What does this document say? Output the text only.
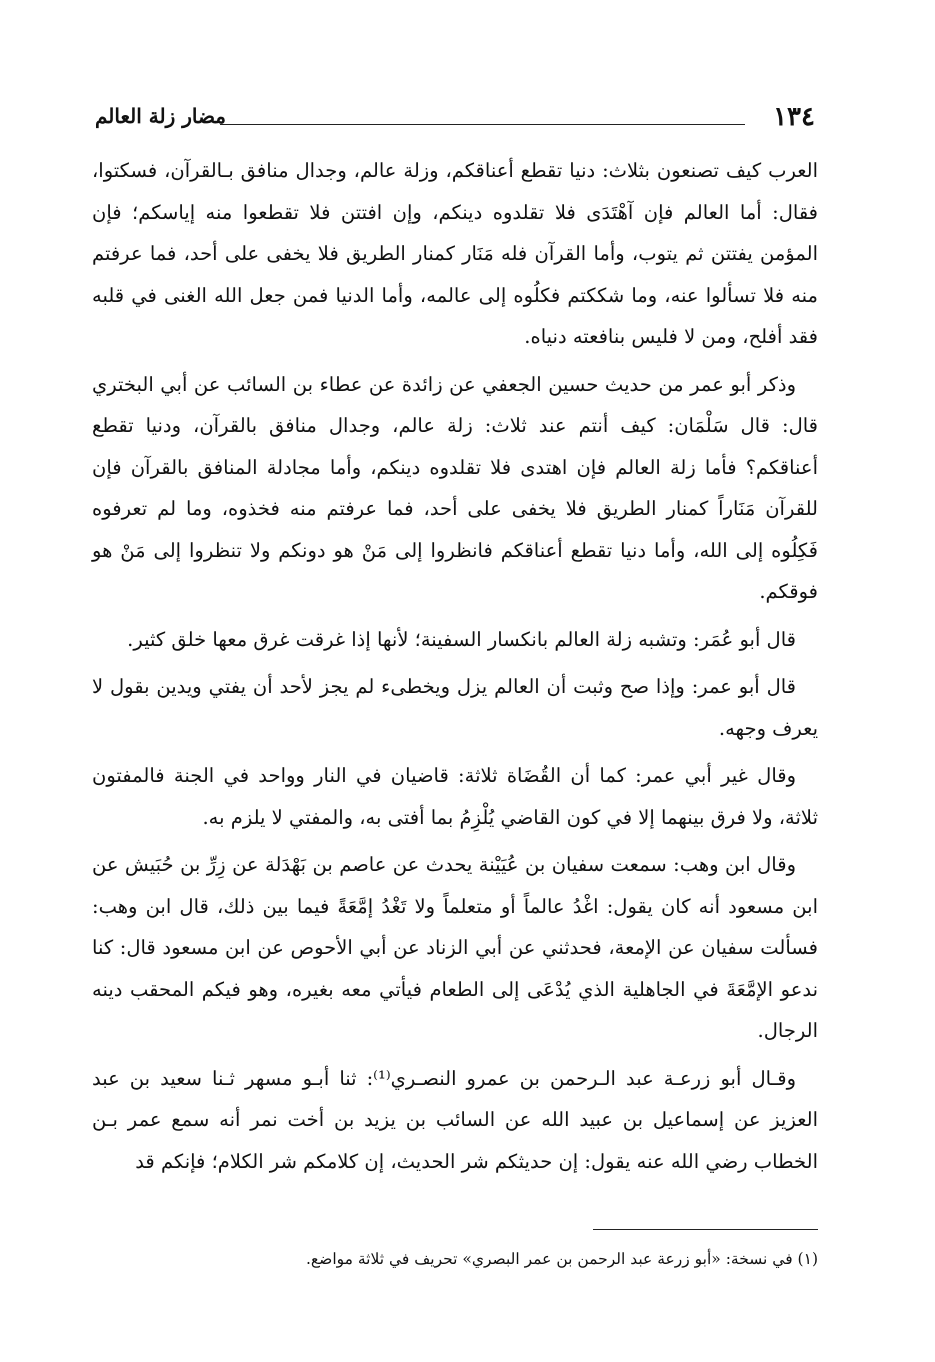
١٣٤
مضار زلة العالم

العرب كيف تصنعون بثلاث: دنيا تقطع أعناقكم، وزلة عالم، وجدال منافق بـالقرآن، فسكتوا، فقال: أما العالم فإن آهْتَدَى فلا تقلدوه دينكم، وإن افتتن فلا تقطعوا منه إياسكم؛ فإن المؤمن يفتتن ثم يتوب، وأما القرآن فله مَنَار كمنار الطريق فلا يخفى على أحد، فما عرفتم منه فلا تسألوا عنه، وما شككتم فكلُوه إلى عالمه، وأما الدنيا فمن جعل الله الغنى في قلبه فقد أفلح، ومن لا فليس بنافعته دنياه.

وذكر أبو عمر من حديث حسين الجعفي عن زائدة عن عطاء بن السائب عن أبي البختري قال: قال سَلْمَان: كيف أنتم عند ثلاث: زلة عالم، وجدال منافق بالقرآن، ودنيا تقطع أعناقكم؟ فأما زلة العالم فإن اهتدى فلا تقلدوه دينكم، وأما مجادلة المنافق بالقرآن فإن للقرآن مَنَاراً كمنار الطريق فلا يخفى على أحد، فما عرفتم منه فخذوه، وما لم تعرفوه فَكِلُوه إلى الله، وأما دنيا تقطع أعناقكم فانظروا إلى مَنْ هو دونكم ولا تنظروا إلى مَنْ هو فوقكم.

قال أبو عُمَر: وتشبه زلة العالم بانكسار السفينة؛ لأنها إذا غرقت غرق معها خلق كثير.

قال أبو عمر: وإذا صح وثبت أن العالم يزل ويخطىء لم يجز لأحد أن يفتي ويدين بقول لا يعرف وجهه.

وقال غير أبي عمر: كما أن القُضَاة ثلاثة: قاضيان في النار وواحد في الجنة فالمفتون ثلاثة، ولا فرق بينهما إلا في كون القاضي يُلْزِمُ بما أفتى به، والمفتي لا يلزم به.

وقال ابن وهب: سمعت سفيان بن عُيَيْنة يحدث عن عاصم بن بَهْدَلة عن زِرِّ بن حُبَيش عن ابن مسعود أنه كان يقول: اغْدُ عالماً أو متعلماً ولا تَغْدُ إمَّعَةً فيما بين ذلك، قال ابن وهب: فسألت سفيان عن الإمعة، فحدثني عن أبي الزناد عن أبي الأحوص عن ابن مسعود قال: كنا ندعو الإمَّعَةَ في الجاهلية الذي يُدْعَى إلى الطعام فيأتي معه بغيره، وهو فيكم المحقب دينه الرجال.

وقـال أبو زرعـة عبد الـرحمن بن عمرو النصـري⁽¹⁾: ثنا أبـو مسهر ثـنا سعيد بن عبد العزيز عن إسماعيل بن عبيد الله عن السائب بن يزيد بن أخت نمر أنه سمع عمر بـن الخطاب رضي الله عنه يقول: إن حديثكم شر الحديث، إن كلامكم شر الكلام؛ فإنكم قد

(١) في نسخة: «أبو زرعة عبد الرحمن بن عمر البصري» تحريف في ثلاثة مواضع.
